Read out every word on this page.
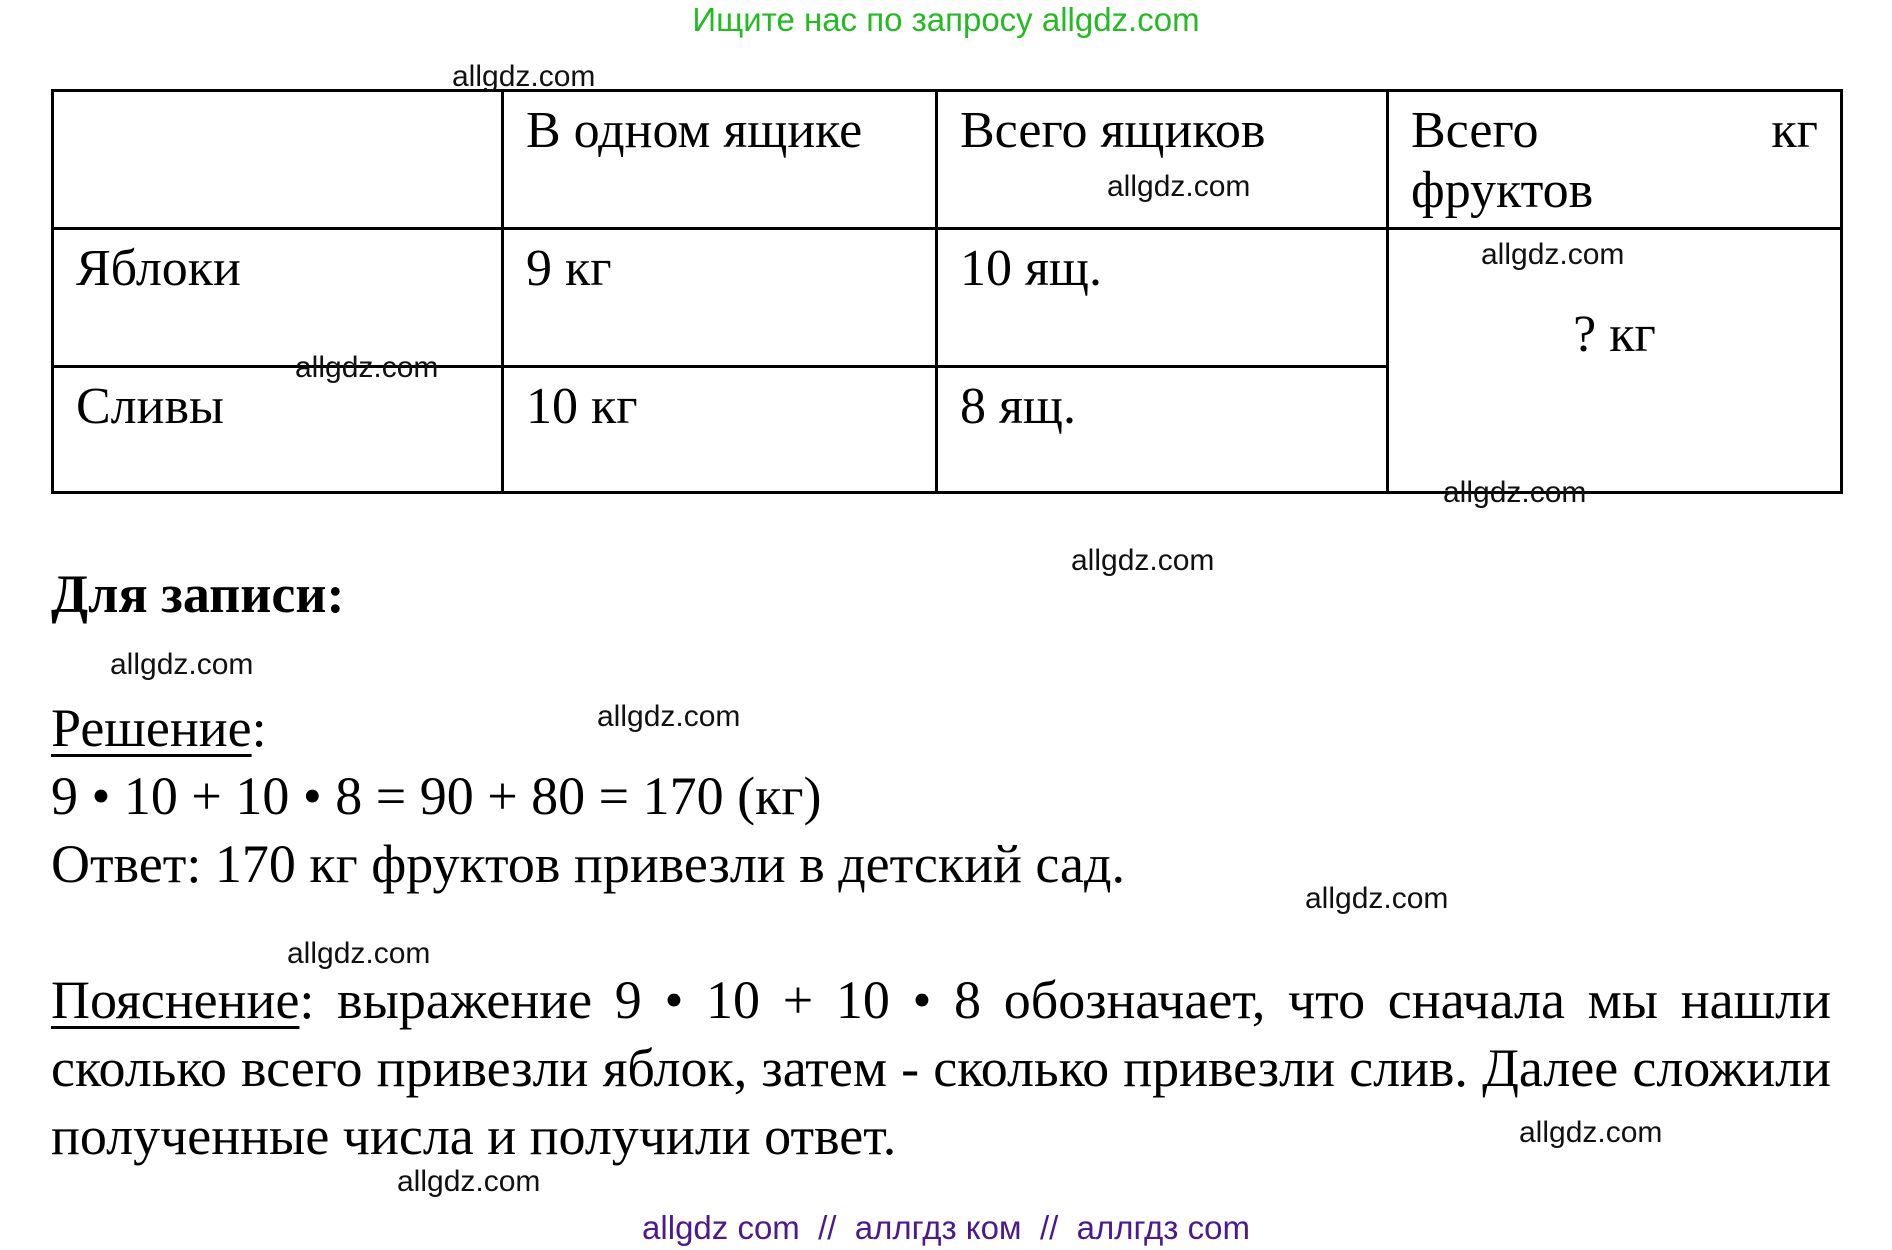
Ищите нас по запросу allgdz.com
	В одном ящике	Всего ящиков	Всего кг
фруктов

Яблоки	9 кг	10 ящ.	? кг
Сливы	10 кг	8 ящ.	
Для записи:
Решение:
9 • 10 + 10 • 8 = 90 + 80 = 170 (кг)
Ответ: 170 кг фруктов привезли в детский сад.
Пояснение: выражение 9 • 10 + 10 • 8 обозначает, что сначала мы нашли сколько всего привезли яблок, затем - сколько привезли слив. Далее сложили полученные числа и получили ответ.
allgdz.com
allgdz.com
allgdz.com
allgdz.com
allgdz.com
allgdz.com
allgdz.com
allgdz.com
allgdz.com
allgdz.com
allgdz.com
allgdz.com
allgdz com  //  аллгдз ком  //  аллгдз com
